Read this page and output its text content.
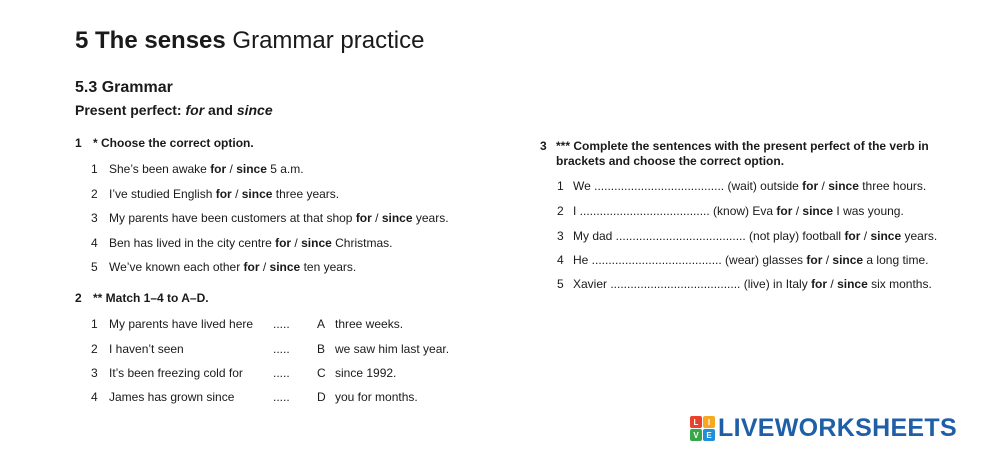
5 The senses Grammar practice
5.3 Grammar
Present perfect: for and since
1 * Choose the correct option.
1 She’s been awake for / since 5 a.m.
2 I’ve studied English for / since three years.
3 My parents have been customers at that shop for / since years.
4 Ben has lived in the city centre for / since Christmas.
5 We’ve known each other for / since ten years.
2 ** Match 1–4 to A–D.
1 My parents have lived here ..... A three weeks.
2 I haven’t seen	..... B we saw him last year.
3 It’s been freezing cold for	..... C since 1992.
4 James has grown since	..... D you for months.
3 *** Complete the sentences with the present perfect of the verb in brackets and choose the correct option.
1 We ....................................... (wait) outside for / since three hours.
2 I ....................................... (know) Eva for / since I was young.
3 My dad ....................................... (not play) football for / since years.
4 He ....................................... (wear) glasses for / since a long time.
5 Xavier ....................................... (live) in Italy for / since six months.
L	I
V E LIVEWORKSHEETS
